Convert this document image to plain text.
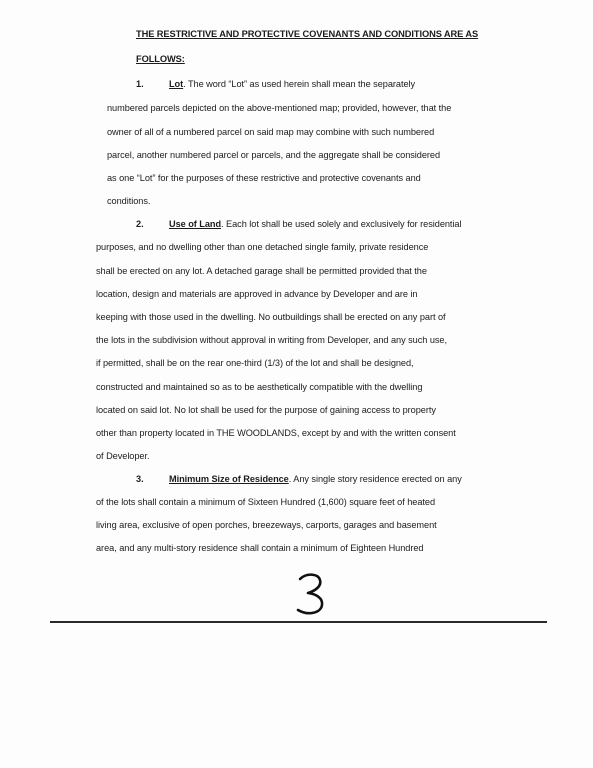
THE RESTRICTIVE AND PROTECTIVE COVENANTS AND CONDITIONS ARE AS
FOLLOWS:
1.	Lot. The word “Lot” as used herein shall mean the separately
numbered parcels depicted on the above-mentioned map; provided, however, that the
owner of all of a numbered parcel on said map may combine with such numbered
parcel, another numbered parcel or parcels, and the aggregate shall be considered
as one “Lot” for the purposes of these restrictive and protective covenants and
conditions.
2.	Use of Land. Each lot shall be used solely and exclusively for residential
purposes, and no dwelling other than one detached single family, private residence
shall be erected on any lot. A detached garage shall be permitted provided that the
location, design and materials are approved in advance by Developer and are in
keeping with those used in the dwelling. No outbuildings shall be erected on any part of
the lots in the subdivision without approval in writing from Developer, and any such use,
if permitted, shall be on the rear one-third (1/3) of the lot and shall be designed,
constructed and maintained so as to be aesthetically compatible with the dwelling
located on said lot. No lot shall be used for the purpose of gaining access to property
other than property located in THE WOODLANDS, except by and with the written consent
of Developer.
3.	Minimum Size of Residence. Any single story residence erected on any
of the lots shall contain a minimum of Sixteen Hundred (1,600) square feet of heated
living area, exclusive of open porches, breezeways, carports, garages and basement
area, and any multi-story residence shall contain a minimum of Eighteen Hundred
